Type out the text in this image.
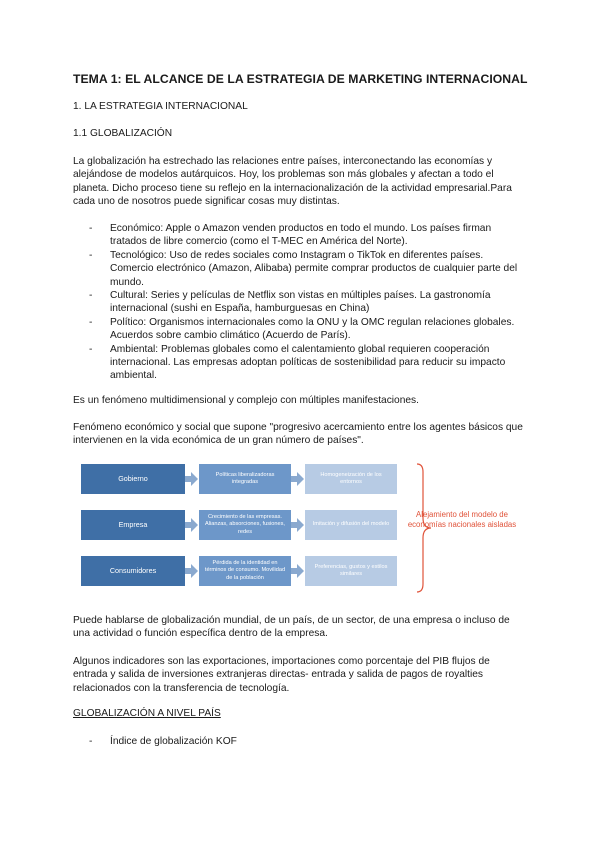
TEMA 1: EL ALCANCE DE LA ESTRATEGIA DE MARKETING INTERNACIONAL
1. LA ESTRATEGIA INTERNACIONAL
1.1 GLOBALIZACIÓN
La globalización ha estrechado las relaciones entre países, interconectando las economías y alejándose de modelos autárquicos. Hoy, los problemas son más globales y afectan a todo el planeta. Dicho proceso tiene su reflejo en la internacionalización de la actividad empresarial.Para cada uno de nosotros puede significar cosas muy distintas.
- Económico: Apple o Amazon venden productos en todo el mundo. Los países firman tratados de libre comercio (como el T-MEC en América del Norte).
- Tecnológico: Uso de redes sociales como Instagram o TikTok en diferentes países. Comercio electrónico (Amazon, Alibaba) permite comprar productos de cualquier parte del mundo.
- Cultural: Series y películas de Netflix son vistas en múltiples países. La gastronomía internacional (sushi en España, hamburguesas en China)
- Político: Organismos internacionales como la ONU y la OMC regulan relaciones globales. Acuerdos sobre cambio climático (Acuerdo de París).
- Ambiental: Problemas globales como el calentamiento global requieren cooperación internacional. Las empresas adoptan políticas de sostenibilidad para reducir su impacto ambiental.
Es un fenómeno multidimensional y complejo con múltiples manifestaciones.
Fenómeno económico y social que supone "progresivo acercamiento entre los agentes básicos que intervienen en la vida económica de un gran número de países".
Gobierno	Políticas liberalizadoras integradas
Homogeneización de los entornos
Empresa
Crecimiento de las empresas. Alianzas, absorciones, fusiones, redes
Imitación y difusión del modelo
Consumidores
Pérdida de la identidad en términos de consumo. Movilidad de la población
Preferencias, gustos y estilos similares
Alejamiento del modelo de economías nacionales aisladas
Puede hablarse de globalización mundial, de un país, de un sector, de una empresa o incluso de una actividad o función específica dentro de la empresa.
Algunos indicadores son las exportaciones, importaciones como porcentaje del PIB flujos de entrada y salida de inversiones extranjeras directas- entrada y salida de pagos de royalties relacionados con la transferencia de tecnología.
GLOBALIZACIÓN A NIVEL PAÍS
- Índice de globalización KOF
